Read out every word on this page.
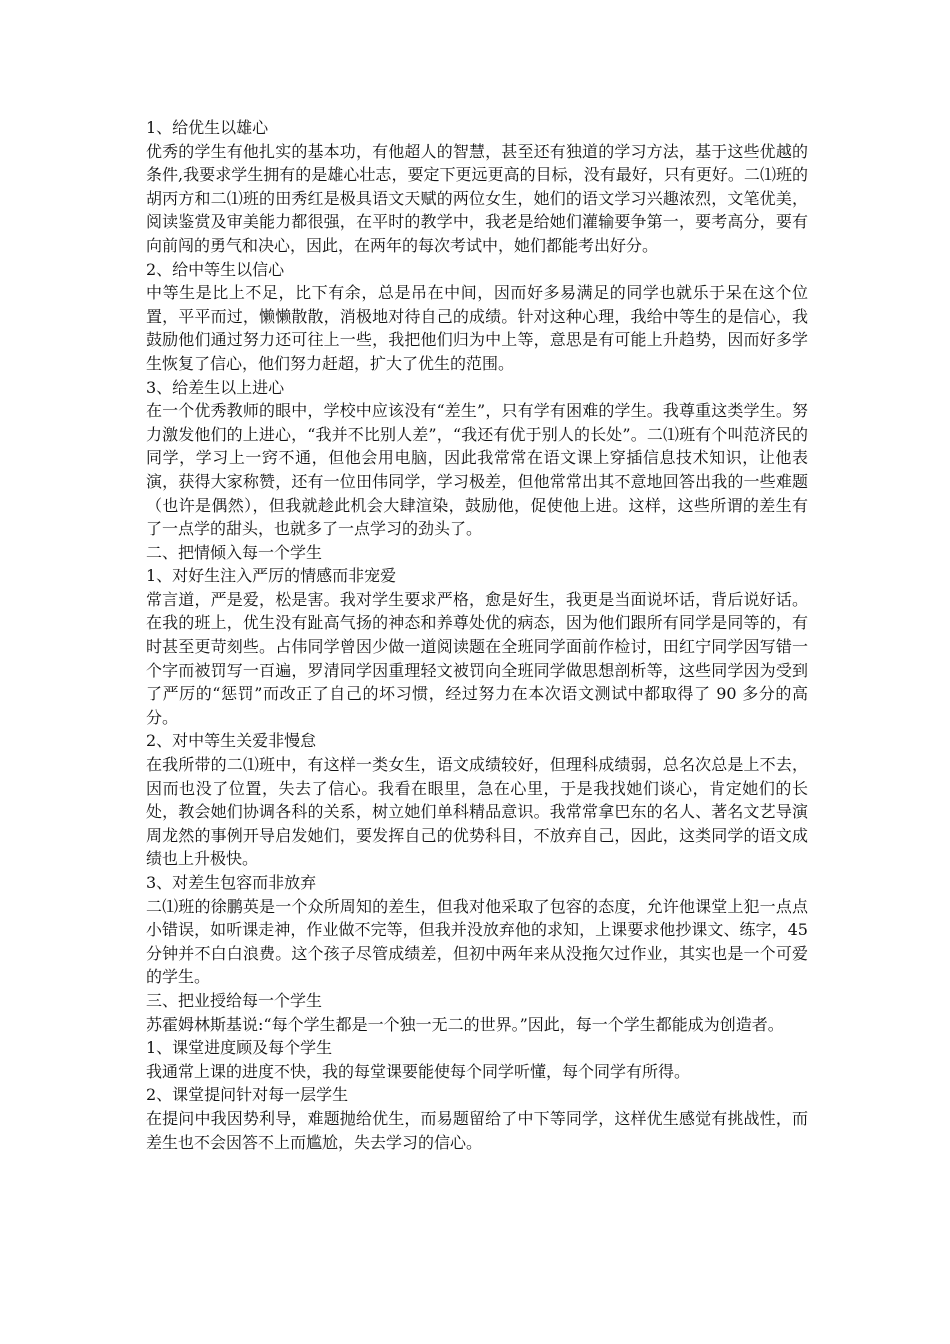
1、给优生以雄心

优秀的学生有他扎实的基本功，有他超人的智慧，甚至还有独道的学习方法，基于这些优越的条件,我要求学生拥有的是雄心壮志，要定下更远更高的目标，没有最好，只有更好。二⑴班的胡丙方和二⑴班的田秀红是极具语文天赋的两位女生，她们的语文学习兴趣浓烈，文笔优美，阅读鉴赏及审美能力都很强，在平时的教学中，我老是给她们灌输要争第一，要考高分，要有向前闯的勇气和决心，因此，在两年的每次考试中，她们都能考出好分。

2、给中等生以信心

中等生是比上不足，比下有余，总是吊在中间，因而好多易满足的同学也就乐于呆在这个位置，平平而过，懒懒散散，消极地对待自己的成绩。针对这种心理，我给中等生的是信心，我鼓励他们通过努力还可往上一些，我把他们归为中上等，意思是有可能上升趋势，因而好多学生恢复了信心，他们努力赶超，扩大了优生的范围。

3、给差生以上进心

在一个优秀教师的眼中，学校中应该没有“差生”，只有学有困难的学生。我尊重这类学生。努力激发他们的上进心，“我并不比别人差”，“我还有优于别人的长处”。二⑴班有个叫范济民的同学，学习上一窍不通，但他会用电脑，因此我常常在语文课上穿插信息技术知识，让他表演，获得大家称赞，还有一位田伟同学，学习极差，但他常常出其不意地回答出我的一些难题（也许是偶然），但我就趁此机会大肆渲染，鼓励他，促使他上进。这样，这些所谓的差生有了一点学的甜头，也就多了一点学习的劲头了。

二、把情倾入每一个学生

1、对好生注入严厉的情感而非宠爱

常言道，严是爱，松是害。我对学生要求严格，愈是好生，我更是当面说坏话，背后说好话。在我的班上，优生没有趾高气扬的神态和养尊处优的病态，因为他们跟所有同学是同等的，有时甚至更苛刻些。占伟同学曾因少做一道阅读题在全班同学面前作检讨，田红宁同学因写错一个字而被罚写一百遍，罗清同学因重理轻文被罚向全班同学做思想剖析等，这些同学因为受到了严厉的“惩罚”而改正了自己的坏习惯，经过努力在本次语文测试中都取得了 90 多分的高分。

2、对中等生关爱非慢怠

在我所带的二⑴班中，有这样一类女生，语文成绩较好，但理科成绩弱，总名次总是上不去，因而也没了位置，失去了信心。我看在眼里，急在心里，于是我找她们谈心，肯定她们的长处，教会她们协调各科的关系，树立她们单科精品意识。我常常拿巴东的名人、著名文艺导演周龙然的事例开导启发她们，要发挥自己的优势科目，不放弃自己，因此，这类同学的语文成绩也上升极快。

3、对差生包容而非放弃

二⑴班的徐鹏英是一个众所周知的差生，但我对他采取了包容的态度，允许他课堂上犯一点点小错误，如听课走神，作业做不完等，但我并没放弃他的求知，上课要求他抄课文、练字，45 分钟并不白白浪费。这个孩子尽管成绩差，但初中两年来从没拖欠过作业，其实也是一个可爱的学生。

三、把业授给每一个学生

苏霍姆林斯基说:“每个学生都是一个独一无二的世界。”因此，每一个学生都能成为创造者。

1、课堂进度顾及每个学生

我通常上课的进度不快，我的每堂课要能使每个同学听懂，每个同学有所得。

2、课堂提问针对每一层学生

在提问中我因势利导，难题抛给优生，而易题留给了中下等同学，这样优生感觉有挑战性，而差生也不会因答不上而尴尬，失去学习的信心。
